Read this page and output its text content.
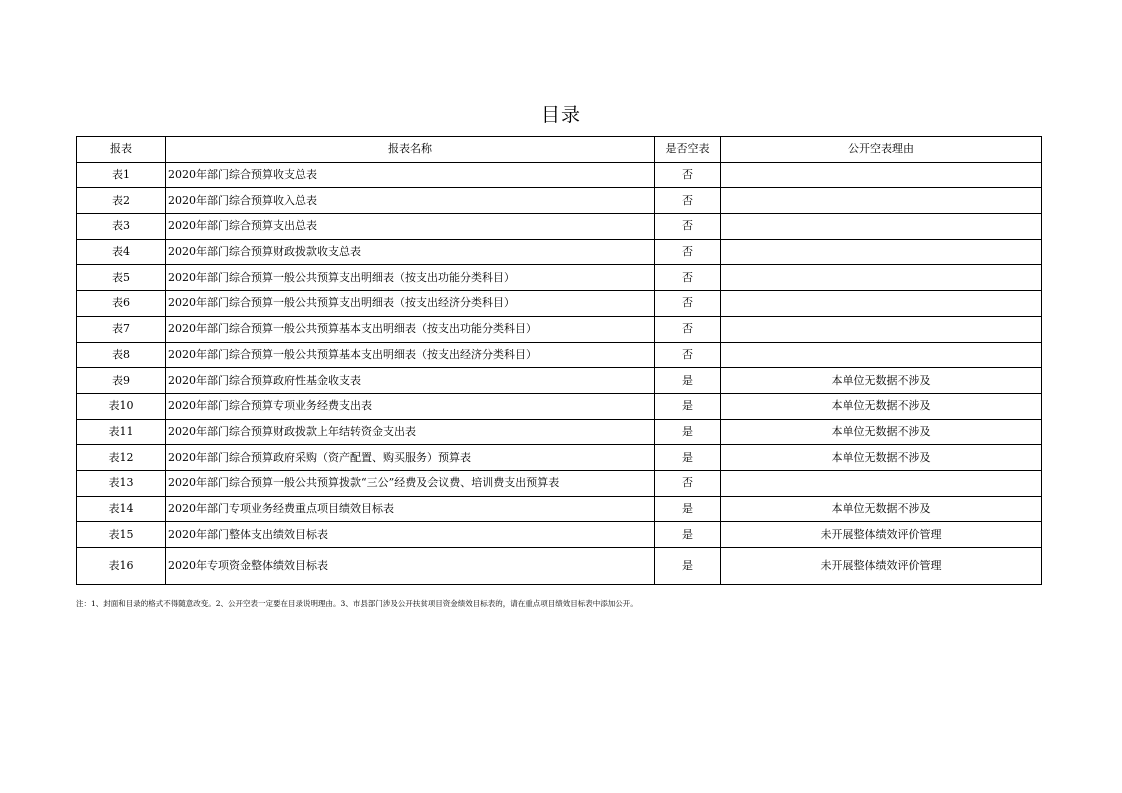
目录
报表	报表名称	是否空表	公开空表理由
表1	2020年部门综合预算收支总表	否	
表2	2020年部门综合预算收入总表	否	
表3	2020年部门综合预算支出总表	否	
表4	2020年部门综合预算财政拨款收支总表	否	
表5	2020年部门综合预算一般公共预算支出明细表（按支出功能分类科目）	否	
表6	2020年部门综合预算一般公共预算支出明细表（按支出经济分类科目）	否	
表7	2020年部门综合预算一般公共预算基本支出明细表（按支出功能分类科目）	否	
表8	2020年部门综合预算一般公共预算基本支出明细表（按支出经济分类科目）	否	
表9	2020年部门综合预算政府性基金收支表	是	本单位无数据不涉及
表10	2020年部门综合预算专项业务经费支出表	是	本单位无数据不涉及
表11	2020年部门综合预算财政拨款上年结转资金支出表	是	本单位无数据不涉及
表12	2020年部门综合预算政府采购（资产配置、购买服务）预算表	是	本单位无数据不涉及
表13	2020年部门综合预算一般公共预算拨款“三公”经费及会议费、培训费支出预算表	否	
表14	2020年部门专项业务经费重点项目绩效目标表	是	本单位无数据不涉及
表15	2020年部门整体支出绩效目标表	是	未开展整体绩效评价管理
表16	2020年专项资金整体绩效目标表	是	未开展整体绩效评价管理
注：1、封面和目录的格式不得随意改变。2、公开空表一定要在目录说明理由。3、市县部门涉及公开扶贫项目资金绩效目标表的，请在重点项目绩效目标表中添加公开。
